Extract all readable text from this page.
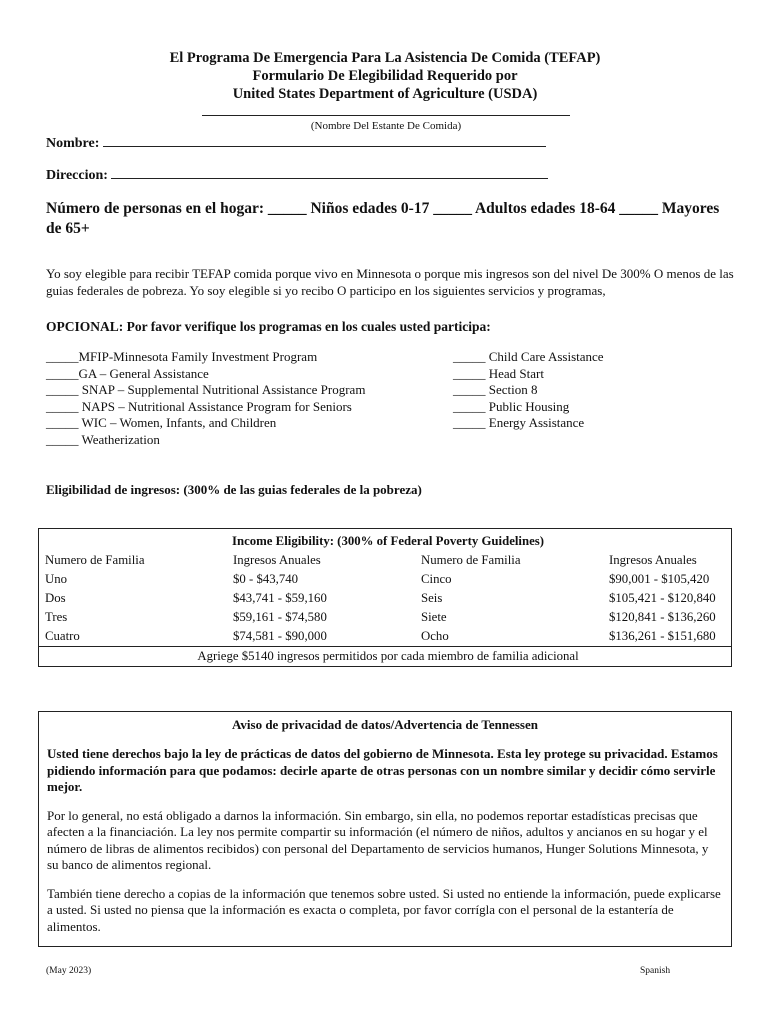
El Programa De Emergencia Para La Asistencia De Comida (TEFAP)
Formulario De Elegibilidad Requerido por
United States Department of Agriculture (USDA)
(Nombre Del Estante De Comida)
Nombre:
Direccion:
Número de personas en el hogar: _____ Niños edades 0-17 _____ Adultos edades 18-64 _____ Mayores de 65+
Yo soy elegible para recibir TEFAP comida porque vivo en Minnesota o porque mis ingresos son del nivel De 300% O menos de las guias federales de pobreza. Yo soy elegible si yo recibo O participo en los siguientes servicios y programas,
OPCIONAL: Por favor verifique los programas en los cuales usted participa:
_____MFIP-Minnesota Family Investment Program
_____GA – General Assistance
_____ SNAP – Supplemental Nutritional Assistance Program
_____ NAPS – Nutritional Assistance Program for Seniors
_____ WIC – Women, Infants, and Children
_____ Weatherization
_____ Child Care Assistance
_____ Head Start
_____ Section 8
_____ Public Housing
_____ Energy Assistance
Eligibilidad de ingresos: (300% de las guias federales de la pobreza)
Income Eligibility: (300% of Federal Poverty Guidelines)			
Numero de Familia	Ingresos Anuales	Numero de Familia	Ingresos Anuales
Uno	$0 - $43,740	Cinco	$90,001 - $105,420
Dos	$43,741 - $59,160	Seis	$105,421 - $120,840
Tres	$59,161 - $74,580	Siete	$120,841 - $136,260
Cuatro	$74,581 - $90,000	Ocho	$136,261 - $151,680
Agriege $5140 ingresos permitidos por cada miembro de familia adicional			
Aviso de privacidad de datos/Advertencia de Tennessen

Usted tiene derechos bajo la ley de prácticas de datos del gobierno de Minnesota. Esta ley protege su privacidad. Estamos pidiendo información para que podamos: decirle aparte de otras personas con un nombre similar y decidir cómo servirle mejor.

Por lo general, no está obligado a darnos la información. Sin embargo, sin ella, no podemos reportar estadísticas precisas que afecten a la financiación. La ley nos permite compartir su información (el número de niños, adultos y ancianos en su hogar y el número de libras de alimentos recibidos) con personal del Departamento de servicios humanos, Hunger Solutions Minnesota, y su banco de alimentos regional.

También tiene derecho a copias de la información que tenemos sobre usted. Si usted no entiende la información, puede explicarse a usted. Si usted no piensa que la información es exacta o completa, por favor corrígla con el personal de la estantería de alimentos.

(May 2023)	Spanish
